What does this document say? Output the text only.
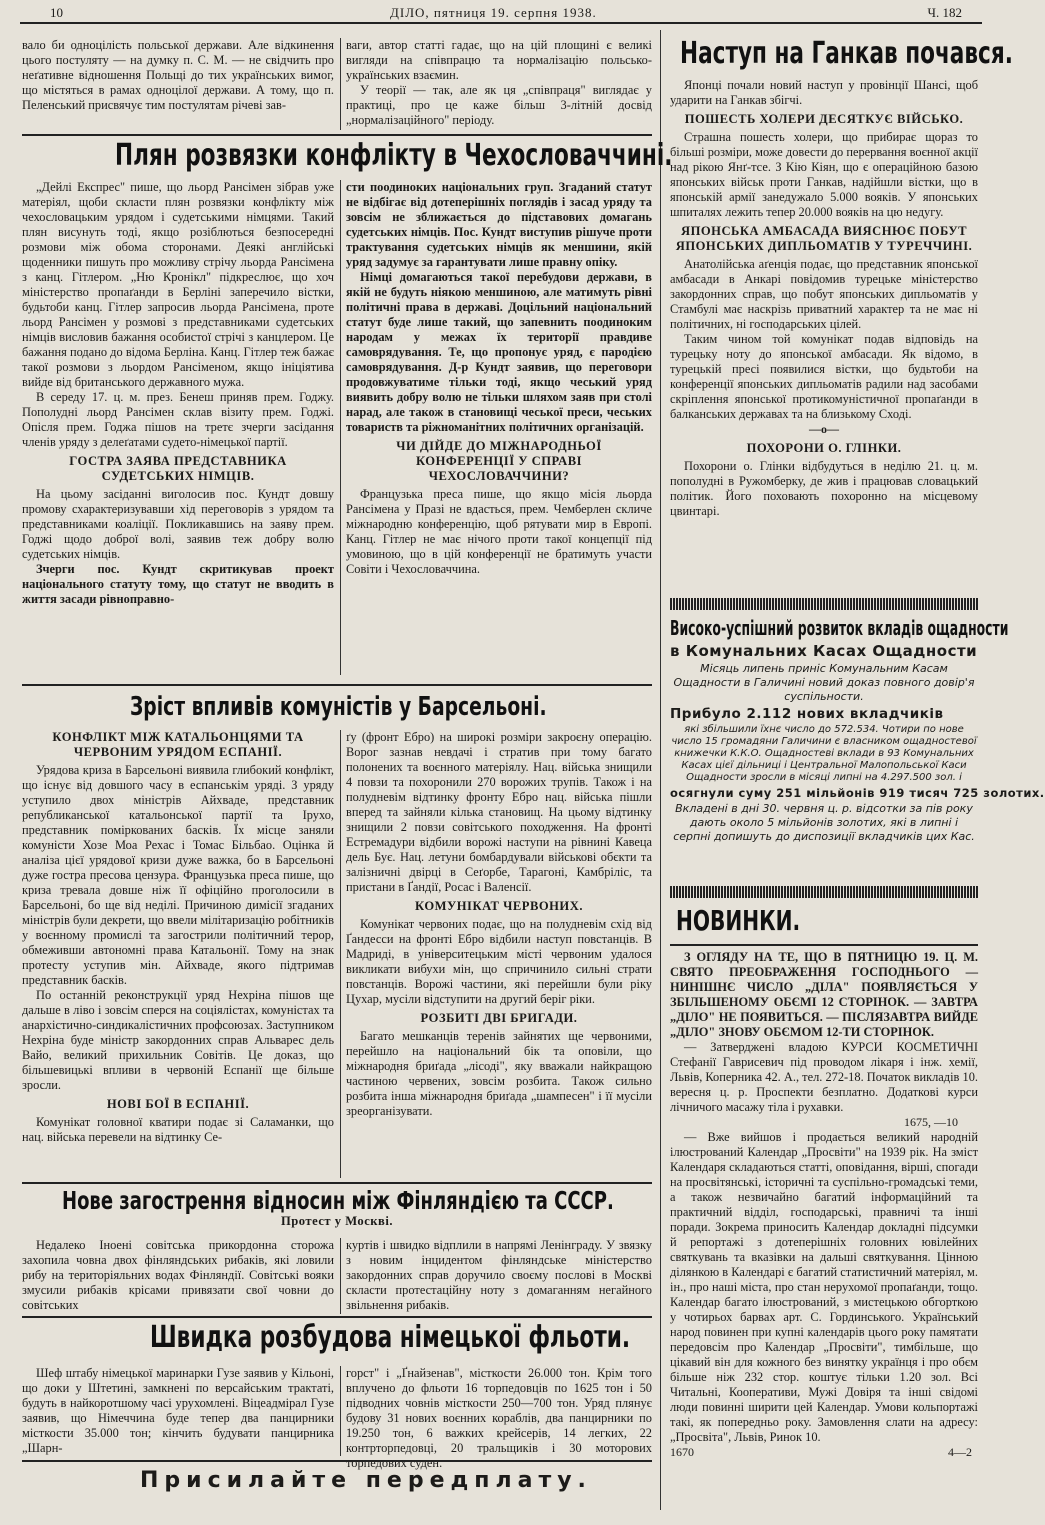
10	ДІЛО, пятниця 19. серпня 1938.	Ч. 182

вало би одноцілість польської держави. Але відкинення цього постуляту — на думку п. С. М. — не свідчить про неґативне відношення Польщі до тих українських вимог, що містяться в рамах одноцілої держави. А тому, що п. Пеленський присвячує тим постулятам річеві зав-

ваги, автор статті гадає, що на цій площині є великі вигляди на співпрацю та нормалізацію польсько-українських взаємин.

У теорії — так, але як ця „співпраця" виглядає у практиці, про це каже більш 3-літній досвід „нормалізаційного" періоду.

Плян розвязки конфлікту в Чехословаччині.

„Дейлі Експрес" пише, що льорд Рансімен зібрав уже матеріял, щоби скласти плян розвязки конфлікту між чехословацьким урядом і судетськими німцями. Такий плян висунуть тоді, якщо розіблються безпосередні розмови між обома сторонами. Деякі англійські щоденники пишуть про можливу стрічу льорда Рансімена з канц. Гітлером. „Ню Кронікл" підкреслює, що хоч міністерство пропаґанди в Берліні заперечило вістки, будьтоби канц. Гітлер запросив льорда Рансімена, проте льорд Рансімен у розмові з представниками судетських німців висловив бажання особистої стрічі з канцлером. Це бажання подано до відома Берліна. Канц. Гітлер теж бажає такої розмови з льордом Рансіменом, якщо ініціятива вийде від британського державного мужа.

В середу 17. ц. м. през. Бенеш приняв прем. Годжу. Пополудні льорд Рансімен склав візиту прем. Годжі. Опісля прем. Годжа пішов на третє зчерги засідання членів уряду з делеґатами судето-німецької партії.

ГОСТРА ЗАЯВА ПРЕДСТАВНИКА СУДЕТСЬКИХ НІМЦІВ.

На цьому засіданні виголосив пос. Кундт довшу промову схарактеризувавши хід переговорів з урядом та представниками коаліції. Покликавшись на заяву прем. Годжі щодо доброї волі, заявив теж добру волю судетських німців.

Зчерги пос. Кундт скритикував проект національного статуту тому, що статут не вводить в життя засади рівноправно-

сти поодиноких національних груп. Згаданий статут не відбігає від дотеперішніх поглядів і засад уряду та зовсім не зближається до підставових домагань судетських німців. Пос. Кундт виступив рішуче проти трактування судетських німців як меншини, якій уряд задумує за гарантувати лише правну опіку.

Німці домагаються такої перебудови держави, в якій не будуть ніякою меншиною, але матимуть рівні політичні права в державі. Доцільний національний статут буде лише такий, що запевнить поодиноким народам у межах їх території правдиве самоврядування. Те, що пропонує уряд, є пародією самоврядування. Д-р Кундт заявив, що переговори продовжуватиме тільки тоді, якщо чеський уряд виявить добру волю не тільки шляхом заяв при столі нарад, але також в становищі чеської преси, чеських товариств та ріжноманітних політичних організацій.

ЧИ ДІЙДЕ ДО МІЖНАРОДНЬОЇ КОНФЕРЕНЦІЇ У СПРАВІ ЧЕХОСЛОВАЧЧИНИ?

Французька преса пише, що якщо місія льорда Рансімена у Празі не вдасться, прем. Чемберлен скличе міжнародню конференцію, щоб рятувати мир в Европі. Канц. Гітлер не має нічого проти такої концепції під умовиною, що в цій конференції не братимуть участи Совіти і Чехословаччина.

Зріст впливів комуністів у Барсельоні.
КОНФЛІКТ МІЖ КАТАЛЬОНЦЯМИ ТА ЧЕРВОНИМ УРЯДОМ ЕСПАНІЇ.

Урядова криза в Барсельоні виявила глибокий конфлікт, що існує від довшого часу в еспанськім уряді. З уряду уступило двох міністрів Айхваде, представник републиканської катальонської партії та Ірухо, представник поміркованих басків. Їх місце заняли комуністи Хозе Моа Рехас і Томас Більбао. Оцінка й аналіза цієї урядової кризи дуже важка, бо в Барсельоні дуже гостра пресова цензура. Французька преса пише, що криза тревала довше ніж її офіційно проголосили в Барсельоні, бо ще від неділі. Причиною димісії згаданих міністрів були декрети, що ввели мілітаризацію робітників у воєнному промислі та загострили політичний терор, обмеживши автономні права Катальонії. Тому на знак протесту уступив мін. Айхваде, якого підтримав представник басків.

По останній реконструкції уряд Нехріна пішов ще дальше в ліво і зовсім сперся на соціялістах, комуністах та анархістично-синдикалістичних профсоюзах. Заступником Нехріна буде міністр закордонних справ Альварес дель Вайо, великий прихильник Совітів. Це доказ, що більшевицькі впливи в червоній Еспанії ще більше зросли.

НОВІ БОЇ В ЕСПАНІЇ.

Комунікат головної кватири подає зі Саламанки, що нац. війська перевели на відтинку Се-

ґу (фронт Ебро) на широкі розміри закроєну операцію. Ворог зазнав невдачі і стратив при тому багато полонених та воєнного матеріялу. Нац. війська знищили 4 повзи та похоронили 270 ворожих трупів. Також і на полудневім відтинку фронту Ебро нац. війська пішли вперед та зайняли кілька становищ. На цьому відтинку знищили 2 повзи совітського походження. На фронті Естремадури відбили ворожі наступи на рівнині Кавеца дель Бує. Нац. летуни бомбардували військові обєкти та залізничні двірці в Сеґорбе, Тарагоні, Камбріліс, та пристани в Ґандії, Росас і Валенсії.

КОМУНІКАТ ЧЕРВОНИХ.

Комунікат червоних подає, що на полудневім схід від Ґандесси на фронті Ебро відбили наступ повстанців. В Мадриді, в університецьким місті червоним удалося викликати вибухи мін, що спричинило сильні страти повстанців. Ворожі частини, які перейшли були ріку Цухар, мусіли відступити на другий беріг ріки.

РОЗБИТІ ДВІ БРИГАДИ.

Багато мешканців теренів зайнятих ще червоними, перейшло на національний бік та оповіли, що міжнародня бриґада „лісоді", яку вважали найкращою частиною червених, зовсім розбита. Також сильно розбита інша міжнародня бриґада „шампесен" і її мусіли зреорганізувати.

Нове загострення відносин між Фінляндією та СССР.
Протест у Москві.

Недалеко Іноені совітська прикордонна сторожа захопила човна двох фінляндських рибаків, які ловили рибу на територіяльних водах Фінляндії. Совітські вояки змусили рибаків крісами привязати свої човни до совітських

куртів і швидко відплили в напрямі Ленінграду. У звязку з новим інцидентом фінляндське міністерство закордонних справ доручило своєму послові в Москві скласти протестаційну ноту з домаганням негайного звільнення рибаків.

Швидка розбудова німецької фльоти.

Шеф штабу німецької маринарки Гузе заявив у Кільоні, що доки у Штетині, замкнені по версайським трактаті, будуть в найкоротшому часі урухомлені. Віцеадмірал Гузе заявив, що Німеччина буде тепер два панцирники місткости 35.000 тон; кінчить будувати панцирника „Шарн-

горст" і „Ґнайзенав", місткости 26.000 тон. Крім того вплучено до фльоти 16 торпедовців по 1625 тон і 50 підводних човнів місткости 250—700 тон. Уряд плянує будову 31 нових воєнних кораблів, два панцирники по 19.250 тон, 6 важких крейсерів, 14 легких, 22 контрторпедовці, 20 тральщиків і 30 моторових торпедових суден.

Присилайте передплату.
Наступ на Ганкав почався.

Японці почали новий наступ у провінції Шансі, щоб ударити на Ганкав збігчі.

ПОШЕСТЬ ХОЛЕРИ ДЕСЯТКУЄ ВІЙСЬКО.

Страшна пошесть холери, що прибирає щораз то більші розміри, може довести до перервання воєнної акції над рікою Янґ-тсе. З Кію Кіян, що є операційною базою японських військ проти Ганкав, надійшли вістки, що в японській армії занедужало 5.000 вояків. У японських шпиталях лежить тепер 20.000 вояків на цю недугу.

ЯПОНСЬКА АМБАСАДА ВИЯСНЮЄ ПОБУТ ЯПОНСЬКИХ ДИПЛЬОМАТІВ У ТУРЕЧЧИНІ.

Анатолійська аґенція подає, що представник японської амбасади в Анкарі повідомив турецьке міністерство закордонних справ, що побут японських дипльоматів у Стамбулі має наскрізь приватний характер та не має ні політичних, ні господарських цілей.

Таким чином той комунікат подав відповідь на турецьку ноту до японської амбасади. Як відомо, в турецькій пресі появилися вістки, що будьтоби на конференції японських дипльоматів радили над засобами скріплення японської протикомуністичної пропаґанди в балканських державах та на близькому Сході.

—o—
ПОХОРОНИ О. ГЛІНКИ.

Похорони о. Глінки відбудуться в неділю 21. ц. м. пополудні в Ружомберку, де жив і працював словацький політик. Його поховають похоронно на місцевому цвинтарі.

Високо-успішний розвиток вкладів ощадности
в Комунальних Касах Ощадности

Місяць липень приніс Комунальним Касам Ощадности в Галичині новий доказ повного довір'я суспільности.

Прибуло 2.112 нових вкладчиків

які збільшили їхнє число до 572.534. Чотири по нове число 15 громадяни Галичини є власником ощадностевої книжечки К.К.О. Ощадностеві вклади в 93 Комунальних Касах цієї дільниці і Центральної Малопольської Каси Ощадности зросли в місяці липні на 4.297.500 зол. і

осягнули суму 251 мільйонів 919 тисяч 725 золотих.

Вкладені в дні 30. червня ц. р. відсотки за пів року дають около 5 мільйонів золотих, які в липні і серпні допишуть до диспозиції вкладчиків цих Кас.

НОВИНКИ.

З ОГЛЯДУ НА ТЕ, ЩО В ПЯТНИЦЮ 19. Ц. М. СВЯТО ПРЕОБРАЖЕННЯ ГОСПОДНЬОГО — НИНІШНЄ ЧИСЛО „ДІЛА" ПОЯВЛЯЄТЬСЯ У ЗБІЛЬШЕНОМУ ОБЄМІ 12 СТОРІНОК. — ЗАВТРА „ДІЛО" НЕ ПОЯВИТЬСЯ. — ПІСЛЯЗАВТРА ВИЙДЕ „ДІЛО" ЗНОВУ ОБЄМОМ 12-ТИ СТОРІНОК.

— Затверджені владою КУРСИ КОСМЕТИЧНІ Стефанії Гаврисевич під проводом лікаря і інж. хемії, Львів, Коперника 42. А., тел. 272-18. Початок викладів 10. вересня ц. р. Проспекти безплатно. Додаткові курси лічничого масажу тіла і рухавки.

1675, —10

— Вже вийшов і продається великий народній ілюстрований Календар „Просвіти" на 1939 рік. На зміст Календаря складаються статті, оповідання, вірші, спогади на просвітянські, історичні та суспільно-громадські теми, а також незвичайно багатий інформаційний та практичний відділ, господарські, правничі та інші поради. Зокрема приносить Календар докладні підсумки й репортажі з дотеперішніх головних ювілейних святкувань та вказівки на дальші святкування. Цінною ділянкою в Календарі є багатий статистичний матеріял, м. ін., про наші міста, про стан нерухомої пропаґанди, тощо. Календар багато ілюстрований, з мистецькою обгорткою у чотирьох барвах арт. С. Гординського. Український народ повинен при купні календарів цього року памятати передовсім про Календар „Просвіти", тимбільше, що цікавий він для кожного без винятку українця і про обєм більше ніж 232 стор. коштує тільки 1.20 зол. Всі Читальні, Кооперативи, Мужі Довіря та інші свідомі люди повинні ширити цей Календар. Умови кольпортажі такі, як попередньо року. Замовлення слати на адресу: „Просвіта", Львів, Ринок 10.

1670	4—2
